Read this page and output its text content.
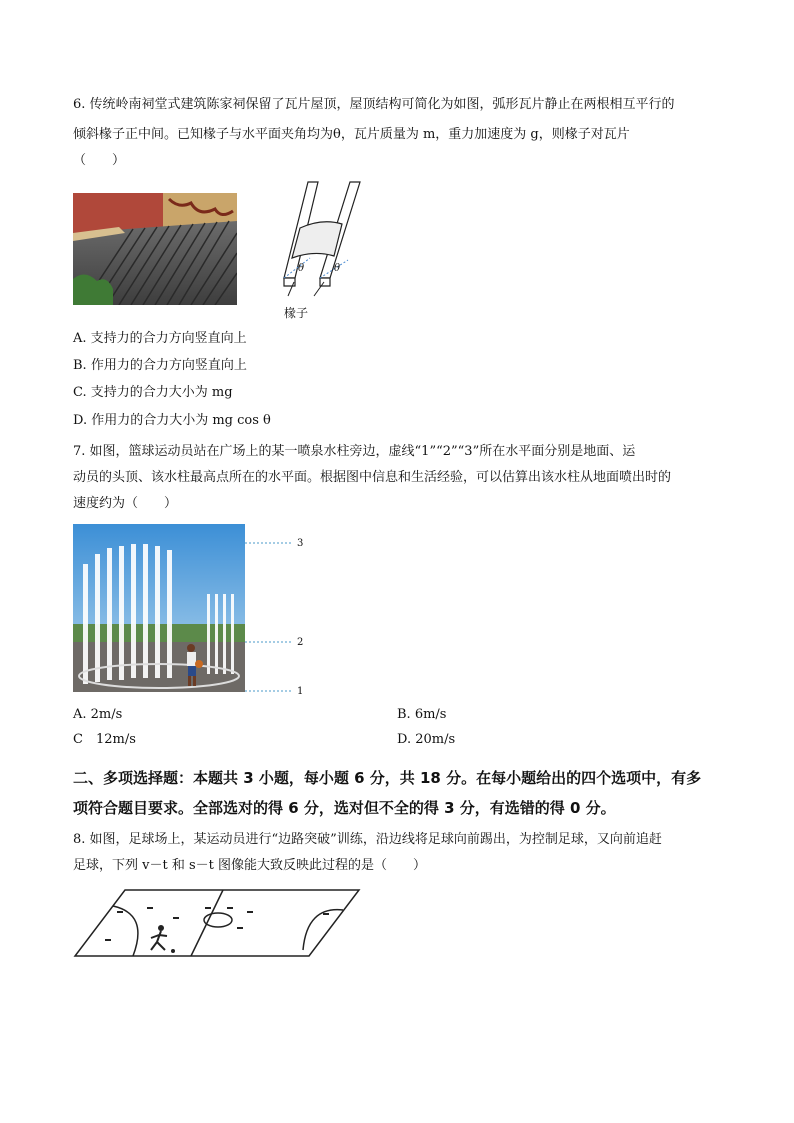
6. 传统岭南祠堂式建筑陈家祠保留了瓦片屋顶，屋顶结构可简化为如图，弧形瓦片静止在两根相互平行的
倾斜椽子正中间。已知椽子与水平面夹角均为θ，瓦片质量为 m，重力加速度为 g，则椽子对瓦片
（　　）
θ	θ
椽子
A. 支持力的合力方向竖直向上
B. 作用力的合力方向竖直向上
C. 支持力的合力大小为 mg
D. 作用力的合力大小为 mg cos θ
7. 如图，篮球运动员站在广场上的某一喷泉水柱旁边，虚线“1”“2”“3”所在水平面分别是地面、运
动员的头顶、该水柱最高点所在的水平面。根据图中信息和生活经验，可以估算出该水柱从地面喷出时的
速度约为（　　）
3
2
1
A. 2m/s	B. 6m/s
C　12m/s	D. 20m/s
二、多项选择题：本题共 3 小题，每小题 6 分，共 18 分。在每小题给出的四个选项中，有多
项符合题目要求。全部选对的得 6 分，选对但不全的得 3 分，有选错的得 0 分。
8. 如图，足球场上，某运动员进行“边路突破”训练，沿边线将足球向前踢出，为控制足球，又向前追赶
足球，下列 v－t 和 s－t 图像能大致反映此过程的是（　　）
